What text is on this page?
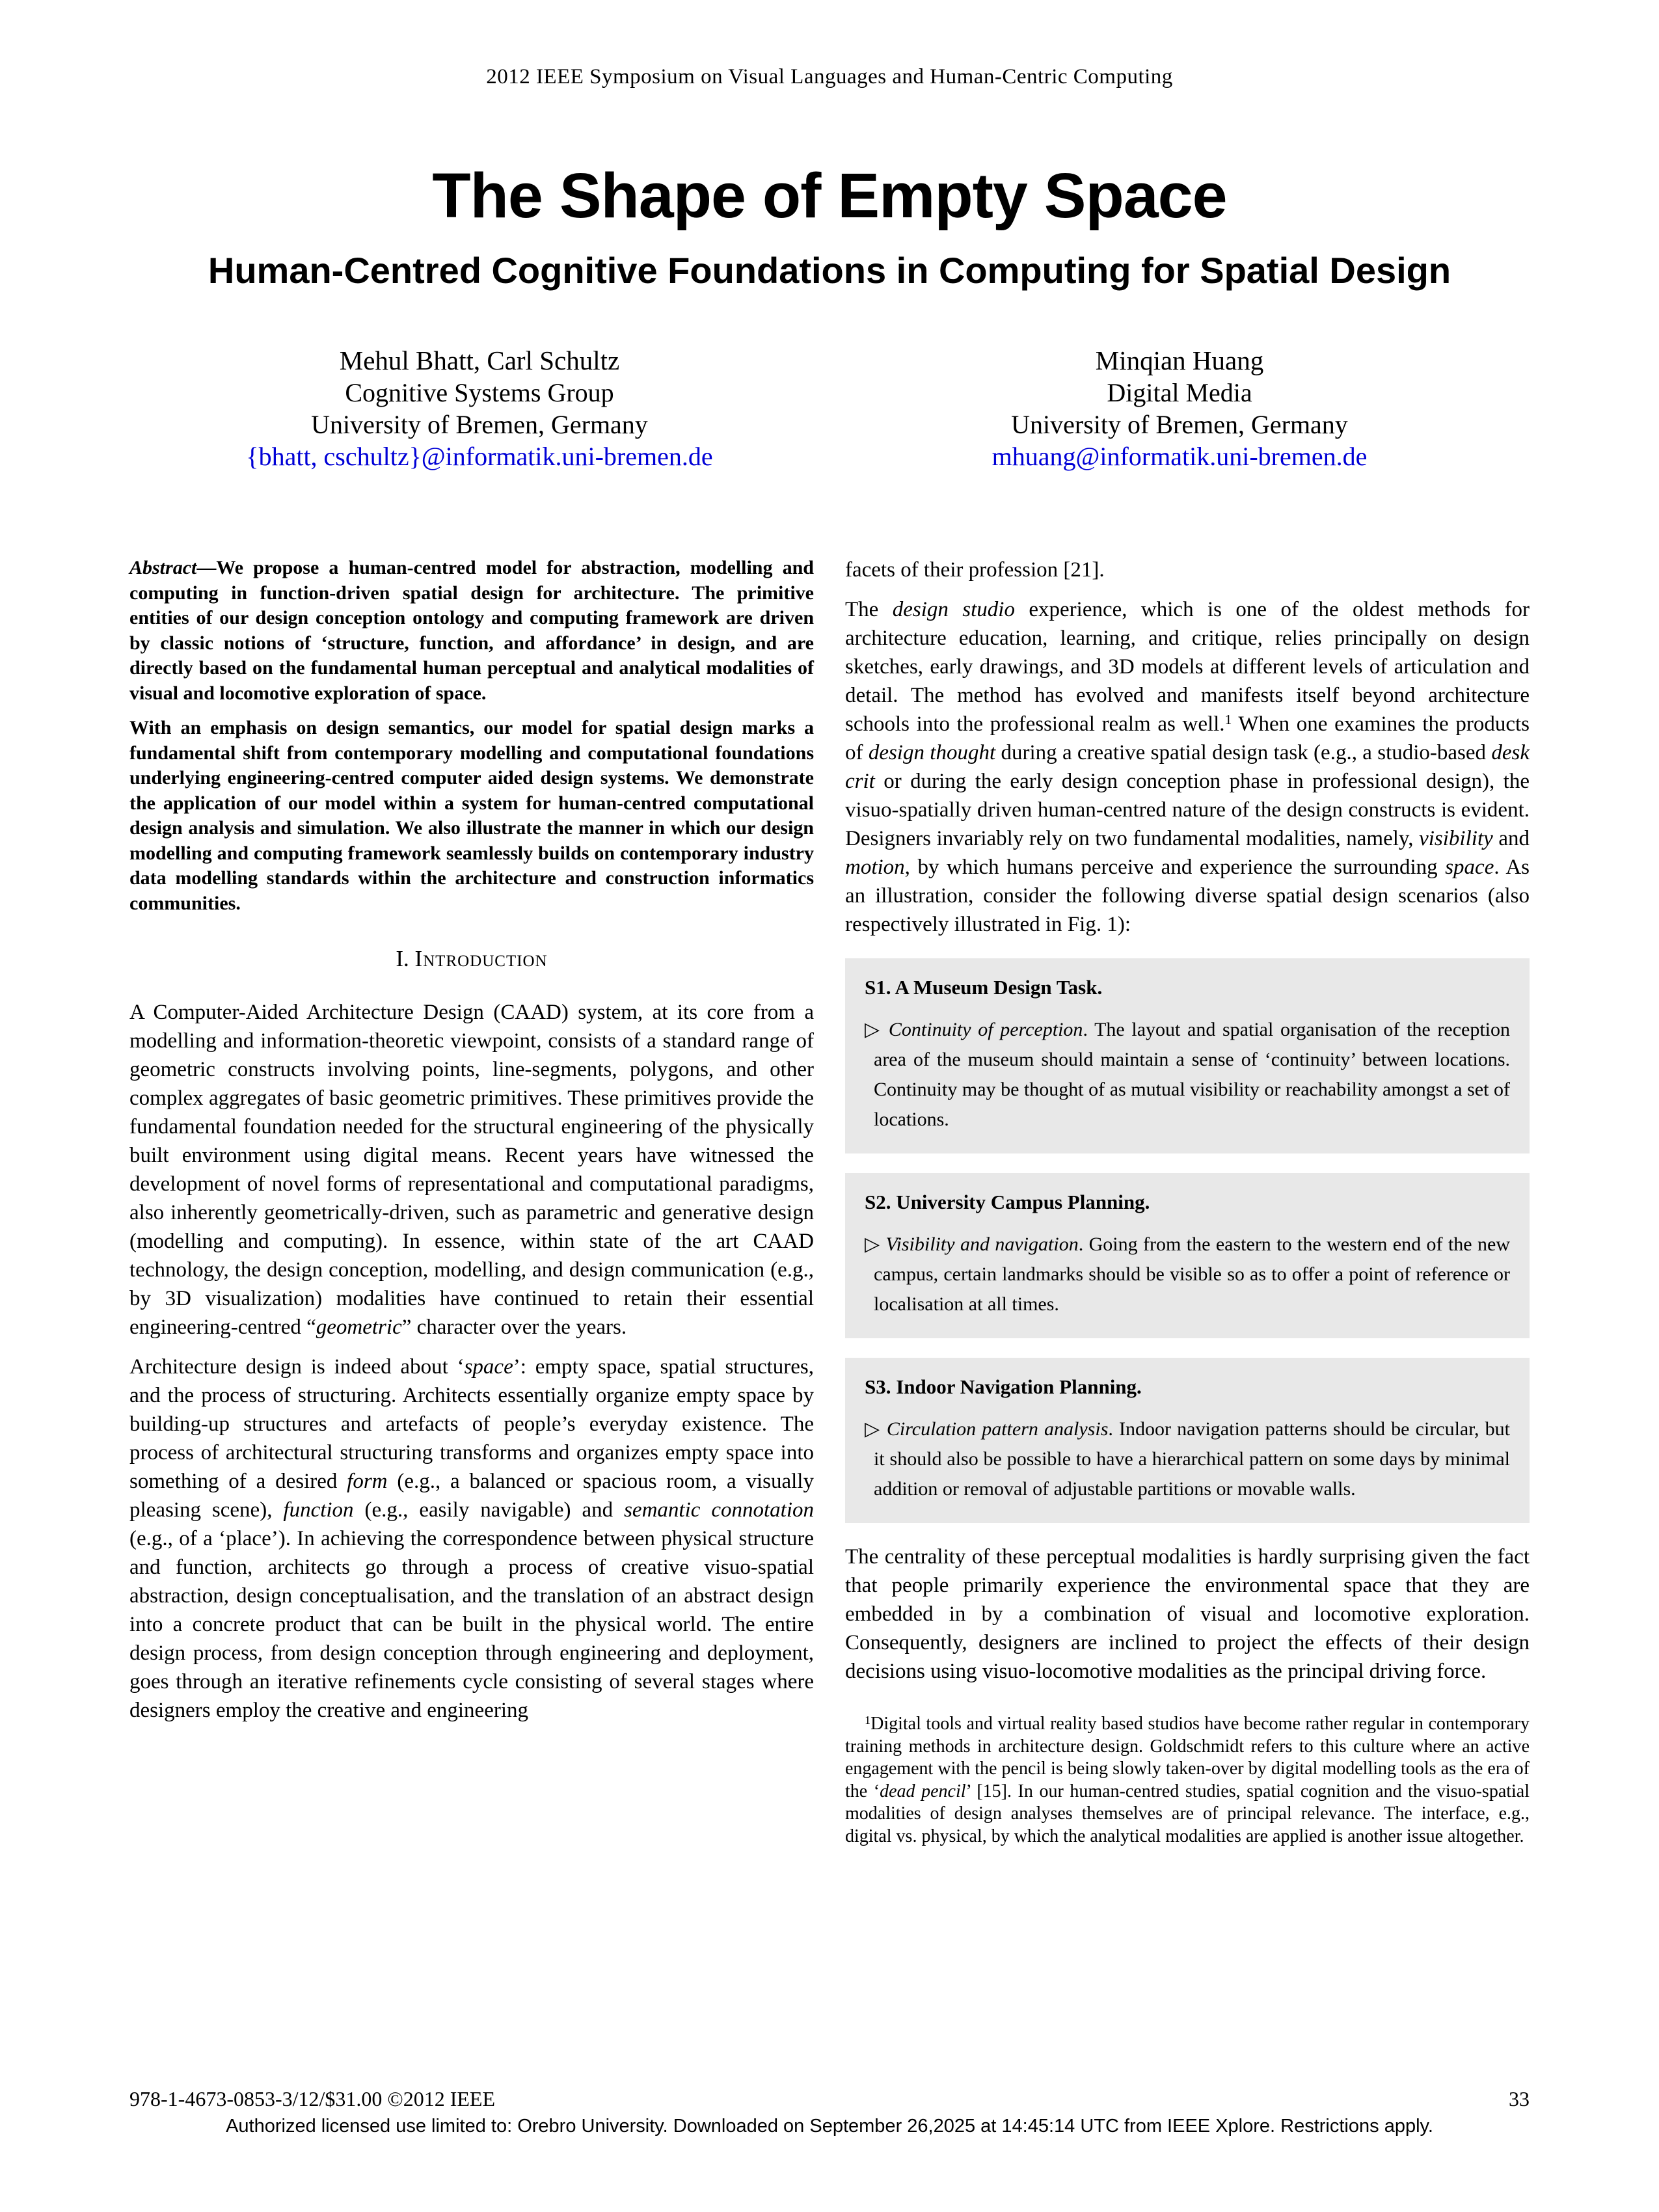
2012 IEEE Symposium on Visual Languages and Human-Centric Computing
The Shape of Empty Space
Human-Centred Cognitive Foundations in Computing for Spatial Design
Mehul Bhatt, Carl Schultz
Cognitive Systems Group
University of Bremen, Germany
{bhatt, cschultz}@informatik.uni-bremen.de
Minqian Huang
Digital Media
University of Bremen, Germany
mhuang@informatik.uni-bremen.de
Abstract—We propose a human-centred model for abstraction, modelling and computing in function-driven spatial design for architecture. The primitive entities of our design conception ontology and computing framework are driven by classic notions of ‘structure, function, and affordance’ in design, and are directly based on the fundamental human perceptual and analytical modalities of visual and locomotive exploration of space.
With an emphasis on design semantics, our model for spatial design marks a fundamental shift from contemporary modelling and computational foundations underlying engineering-centred computer aided design systems. We demonstrate the application of our model within a system for human-centred computational design analysis and simulation. We also illustrate the manner in which our design modelling and computing framework seamlessly builds on contemporary industry data modelling standards within the architecture and construction informatics communities.
I. Introduction
A Computer-Aided Architecture Design (CAAD) system, at its core from a modelling and information-theoretic viewpoint, consists of a standard range of geometric constructs involving points, line-segments, polygons, and other complex aggregates of basic geometric primitives. These primitives provide the fundamental foundation needed for the structural engineering of the physically built environment using digital means. Recent years have witnessed the development of novel forms of representational and computational paradigms, also inherently geometrically-driven, such as parametric and generative design (modelling and computing). In essence, within state of the art CAAD technology, the design conception, modelling, and design communication (e.g., by 3D visualization) modalities have continued to retain their essential engineering-centred “geometric” character over the years.
Architecture design is indeed about ‘space’: empty space, spatial structures, and the process of structuring. Architects essentially organize empty space by building-up structures and artefacts of people’s everyday existence. The process of architectural structuring transforms and organizes empty space into something of a desired form (e.g., a balanced or spacious room, a visually pleasing scene), function (e.g., easily navigable) and semantic connotation (e.g., of a ‘place’). In achieving the correspondence between physical structure and function, architects go through a process of creative visuo-spatial abstraction, design conceptualisation, and the translation of an abstract design into a concrete product that can be built in the physical world. The entire design process, from design conception through engineering and deployment, goes through an iterative refinements cycle consisting of several stages where designers employ the creative and engineering
facets of their profession [21].
The design studio experience, which is one of the oldest methods for architecture education, learning, and critique, relies principally on design sketches, early drawings, and 3D models at different levels of articulation and detail. The method has evolved and manifests itself beyond architecture schools into the professional realm as well.$^1$ When one examines the products of design thought during a creative spatial design task (e.g., a studio-based desk crit or during the early design conception phase in professional design), the visuo-spatially driven human-centred nature of the design constructs is evident. Designers invariably rely on two fundamental modalities, namely, visibility and motion, by which humans perceive and experience the surrounding space. As an illustration, consider the following diverse spatial design scenarios (also respectively illustrated in Fig. 1):
S1. A Museum Design Task.
▷ Continuity of perception. The layout and spatial organisation of the reception area of the museum should maintain a sense of ‘continuity’ between locations. Continuity may be thought of as mutual visibility or reachability amongst a set of locations.
S2. University Campus Planning.
▷ Visibility and navigation. Going from the eastern to the western end of the new campus, certain landmarks should be visible so as to offer a point of reference or localisation at all times.
S3. Indoor Navigation Planning.
▷ Circulation pattern analysis. Indoor navigation patterns should be circular, but it should also be possible to have a hierarchical pattern on some days by minimal addition or removal of adjustable partitions or movable walls.
The centrality of these perceptual modalities is hardly surprising given the fact that people primarily experience the environmental space that they are embedded in by a combination of visual and locomotive exploration. Consequently, designers are inclined to project the effects of their design decisions using visuo-locomotive modalities as the principal driving force.
$^1$Digital tools and virtual reality based studios have become rather regular in contemporary training methods in architecture design. Goldschmidt refers to this culture where an active engagement with the pencil is being slowly taken-over by digital modelling tools as the era of the ‘dead pencil’ [15]. In our human-centred studies, spatial cognition and the visuo-spatial modalities of design analyses themselves are of principal relevance. The interface, e.g., digital vs. physical, by which the analytical modalities are applied is another issue altogether.
978-1-4673-0853-3/12/$31.00 ©2012 IEEE	33
Authorized licensed use limited to: Orebro University. Downloaded on September 26,2025 at 14:45:14 UTC from IEEE Xplore. Restrictions apply.
